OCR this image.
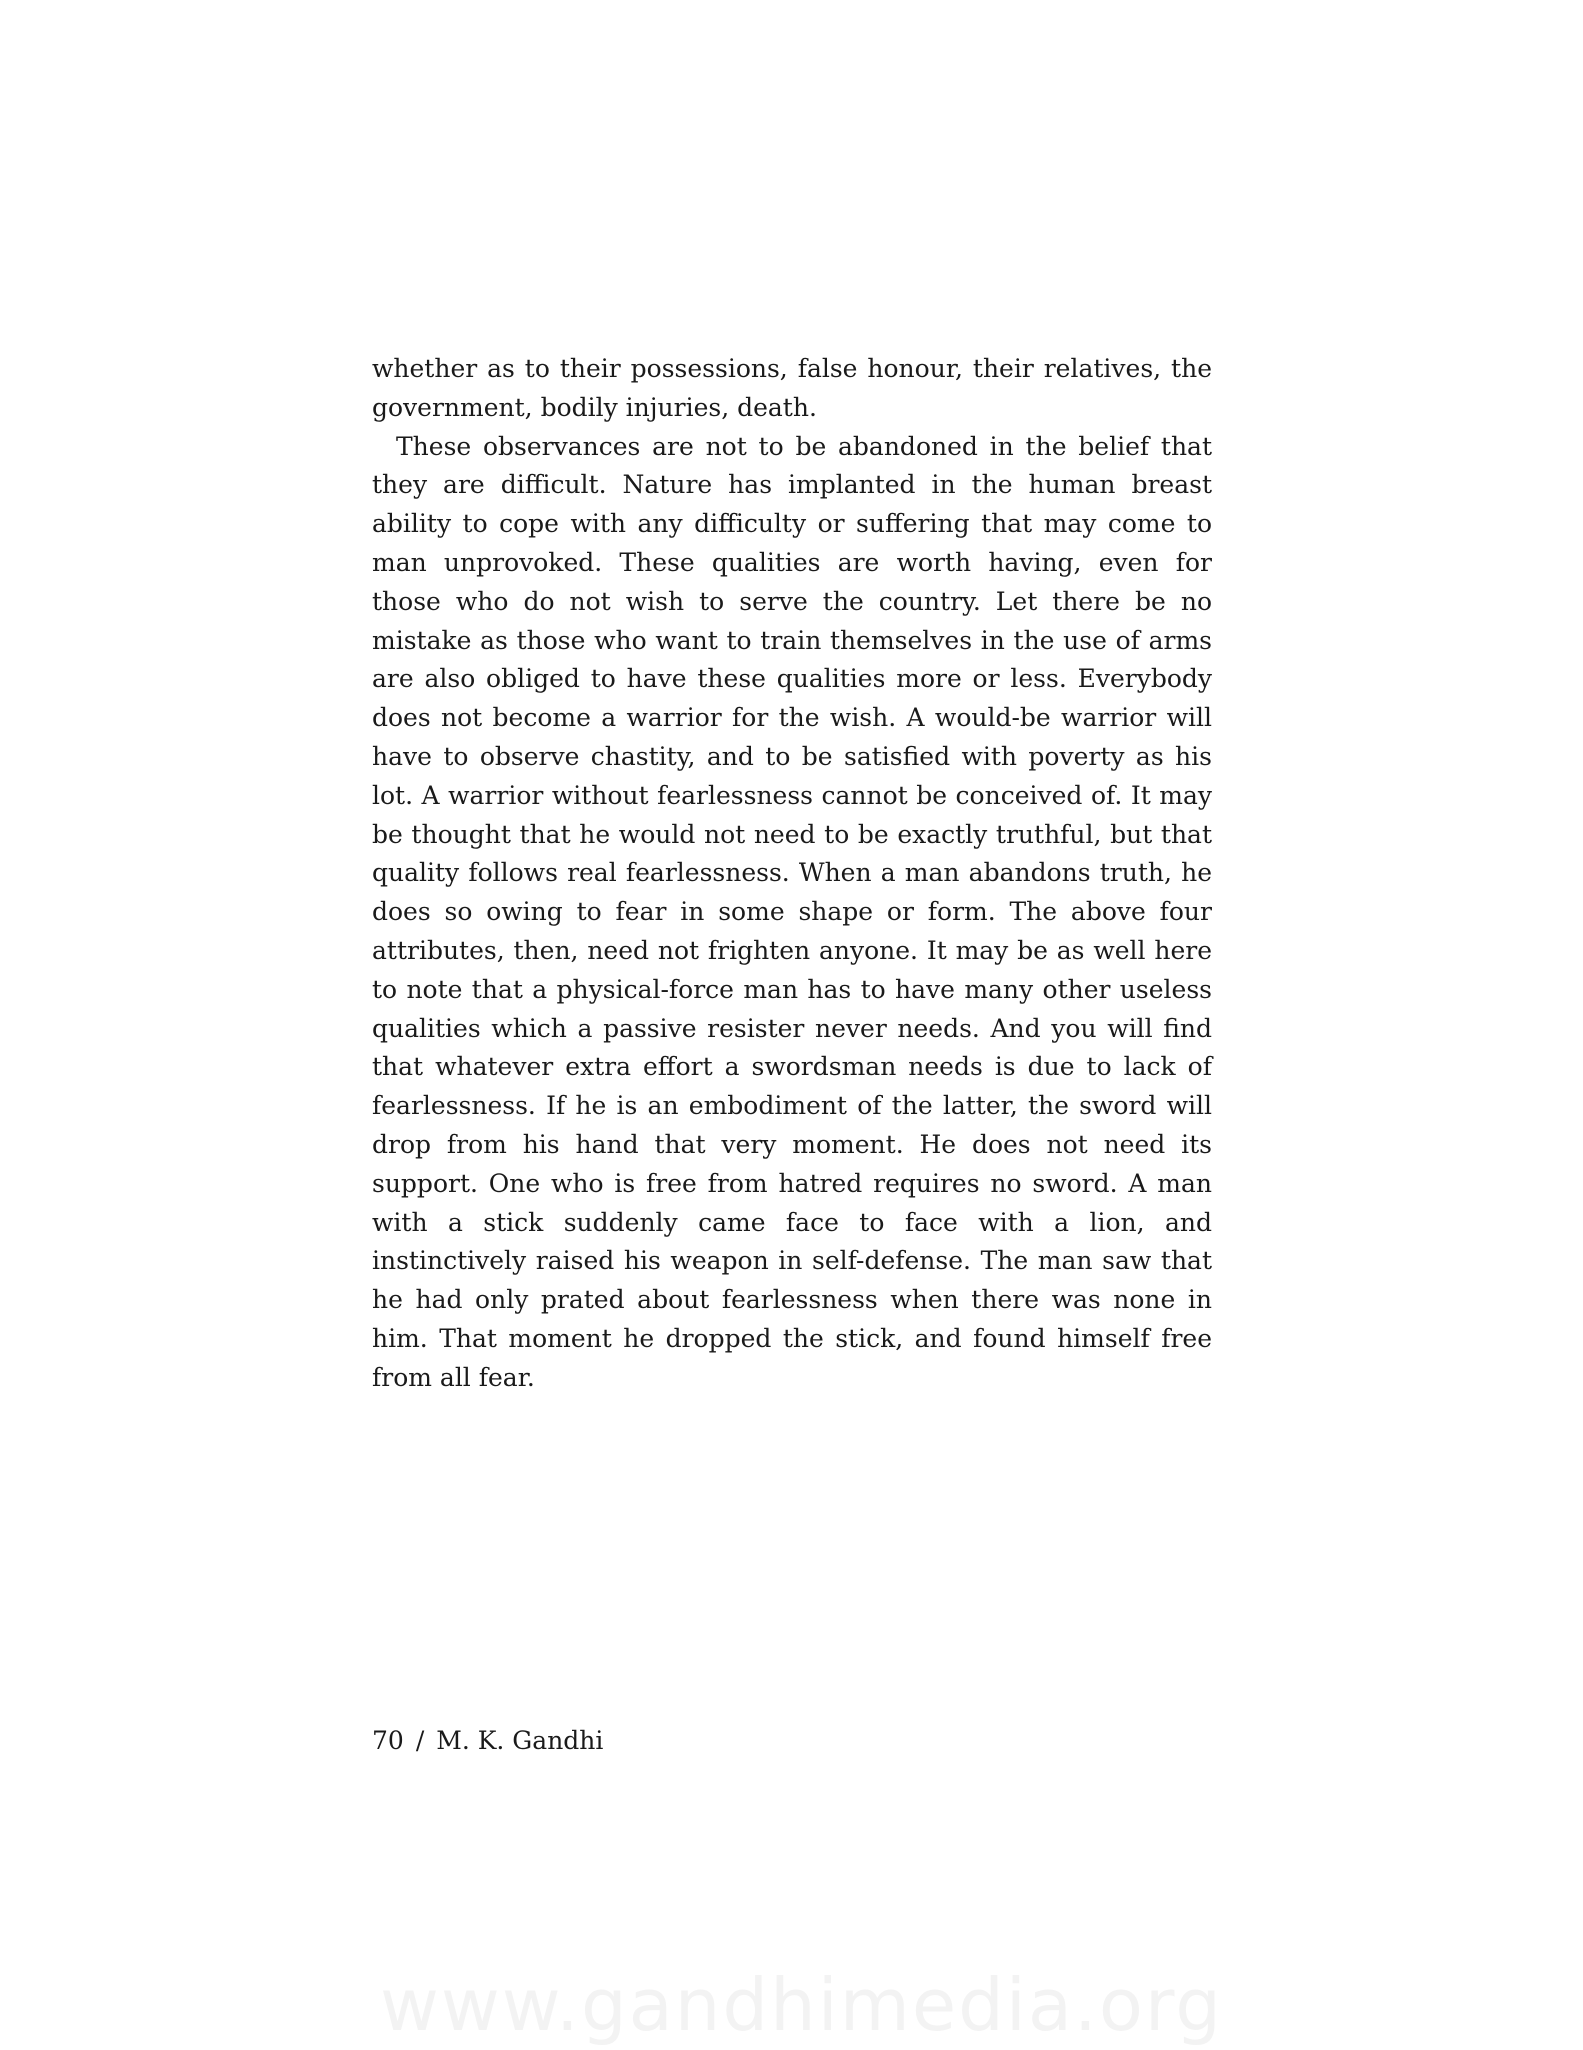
whether as to their possessions, false honour, their relatives, the government, bodily injuries, death.

These observances are not to be abandoned in the belief that they are difficult. Nature has implanted in the human breast ability to cope with any difficulty or suffering that may come to man unprovoked. These qualities are worth having, even for those who do not wish to serve the country. Let there be no mistake as those who want to train themselves in the use of arms are also obliged to have these qualities more or less. Everybody does not become a warrior for the wish. A would-be warrior will have to observe chastity, and to be satisfied with poverty as his lot. A warrior without fearlessness cannot be conceived of. It may be thought that he would not need to be exactly truthful, but that quality follows real fearlessness. When a man abandons truth, he does so owing to fear in some shape or form. The above four attributes, then, need not frighten anyone. It may be as well here to note that a physical-force man has to have many other useless qualities which a passive resister never needs. And you will find that whatever extra effort a swordsman needs is due to lack of fearlessness. If he is an embodiment of the latter, the sword will drop from his hand that very moment. He does not need its support. One who is free from hatred requires no sword. A man with a stick suddenly came face to face with a lion, and instinctively raised his weapon in self-defense. The man saw that he had only prated about fearlessness when there was none in him. That moment he dropped the stick, and found himself free from all fear.

70 / M. K. Gandhi
www.gandhimedia.org
